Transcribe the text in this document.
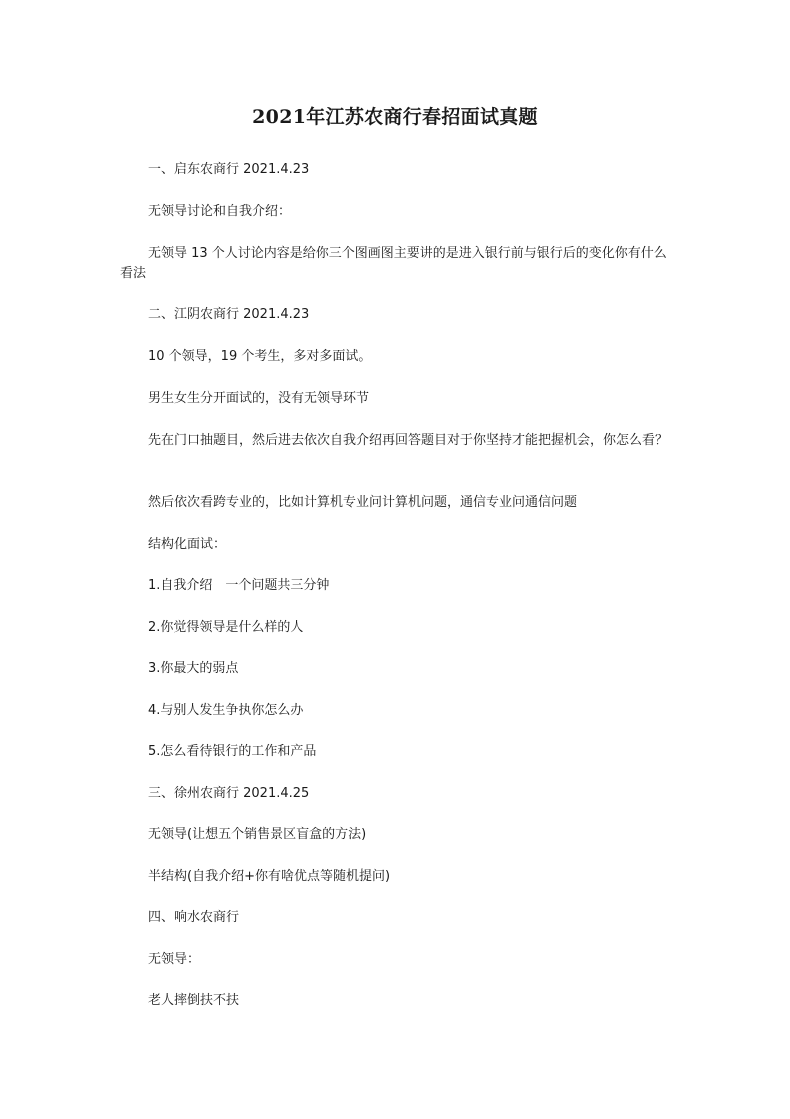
2021年江苏农商行春招面试真题

一、启东农商行 2021.4.23

无领导讨论和自我介绍：

无领导 13 个人讨论内容是给你三个图画图主要讲的是进入银行前与银行后的变化你有什么看法

二、江阴农商行 2021.4.23

10 个领导，19 个考生，多对多面试。

男生女生分开面试的，没有无领导环节

先在门口抽题目，然后进去依次自我介绍再回答题目对于你坚持才能把握机会，你怎么看？

然后依次看跨专业的，比如计算机专业问计算机问题，通信专业问通信问题

结构化面试：

1.自我介绍　一个问题共三分钟

2.你觉得领导是什么样的人

3.你最大的弱点

4.与别人发生争执你怎么办

5.怎么看待银行的工作和产品

三、徐州农商行 2021.4.25

无领导(让想五个销售景区盲盒的方法)

半结构(自我介绍+你有啥优点等随机提问)

四、响水农商行

无领导：

老人摔倒扶不扶
